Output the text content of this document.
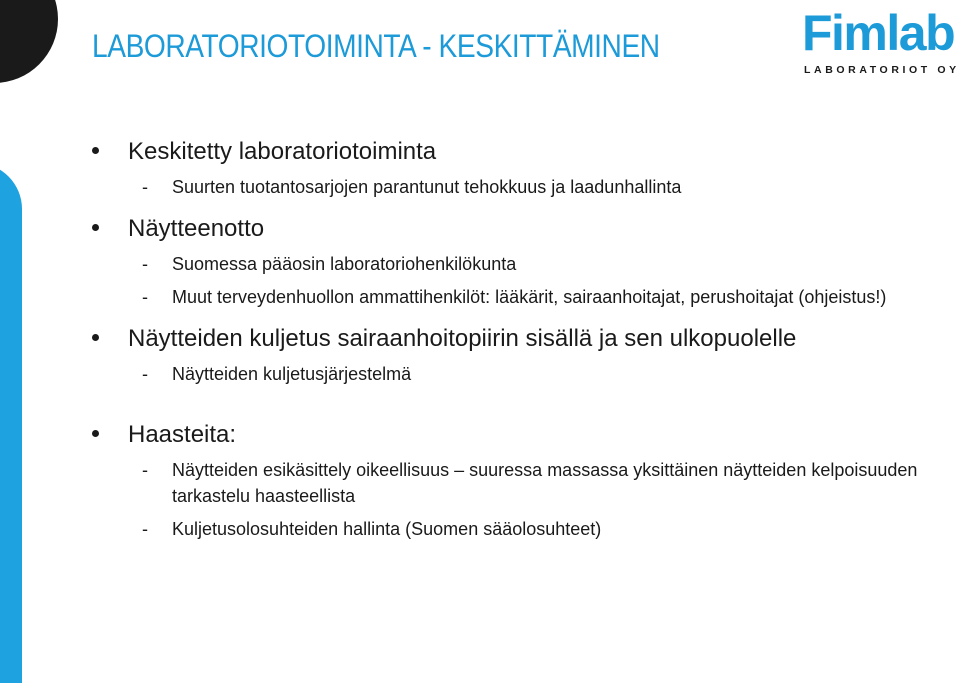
LABORATORIOTOIMINTA - KESKITTÄMINEN	Fimlab
LABORATORIOT OY
Keskitetty laboratoriotoiminta
- Suurten tuotantosarjojen parantunut tehokkuus ja laadunhallinta
Näytteenotto
- Suomessa pääosin laboratoriohenkilökunta
- Muut terveydenhuollon ammattihenkilöt: lääkärit, sairaanhoitajat, perushoitajat (ohjeistus!)
Näytteiden kuljetus sairaanhoitopiirin sisällä ja sen ulkopuolelle
- Näytteiden kuljetusjärjestelmä
Haasteita:
- Näytteiden esikäsittely oikeellisuus – suuressa massassa yksittäinen näytteiden kelpoisuuden tarkastelu haasteellista
- Kuljetusolosuhteiden hallinta (Suomen sääolosuhteet)
